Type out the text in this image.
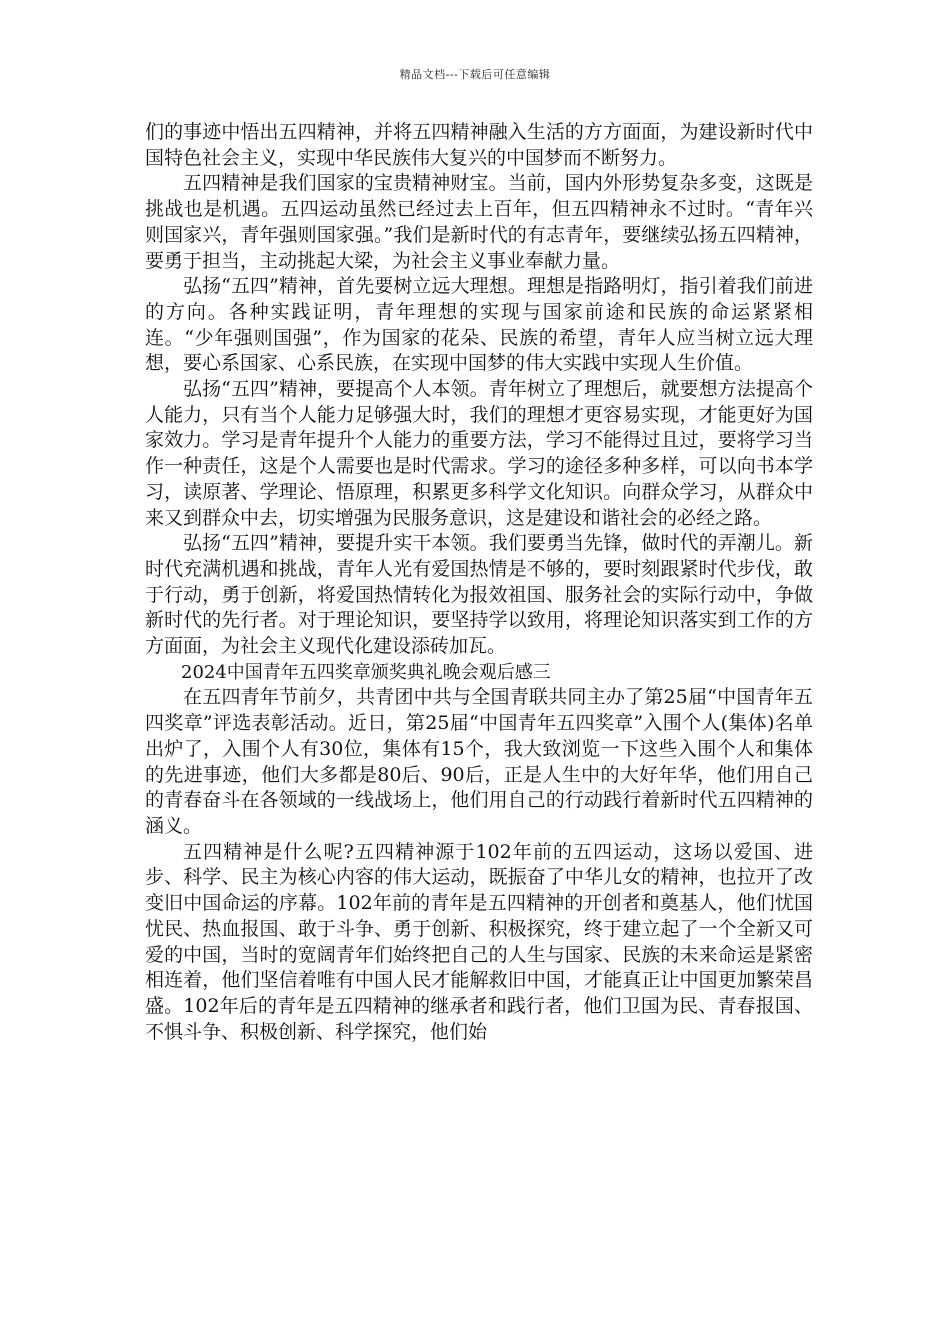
精品文档---下载后可任意编辑

们的事迹中悟出五四精神，并将五四精神融入生活的方方面面，为建设新时代中国特色社会主义，实现中华民族伟大复兴的中国梦而不断努力。

五四精神是我们国家的宝贵精神财宝。当前，国内外形势复杂多变，这既是挑战也是机遇。五四运动虽然已经过去上百年，但五四精神永不过时。“青年兴则国家兴，青年强则国家强。”我们是新时代的有志青年，要继续弘扬五四精神，要勇于担当，主动挑起大梁，为社会主义事业奉献力量。

弘扬“五四”精神，首先要树立远大理想。理想是指路明灯，指引着我们前进的方向。各种实践证明，青年理想的实现与国家前途和民族的命运紧紧相连。“少年强则国强”，作为国家的花朵、民族的希望，青年人应当树立远大理想，要心系国家、心系民族，在实现中国梦的伟大实践中实现人生价值。

弘扬“五四”精神，要提高个人本领。青年树立了理想后，就要想方法提高个人能力，只有当个人能力足够强大时，我们的理想才更容易实现，才能更好为国家效力。学习是青年提升个人能力的重要方法，学习不能得过且过，要将学习当作一种责任，这是个人需要也是时代需求。学习的途径多种多样，可以向书本学习，读原著、学理论、悟原理，积累更多科学文化知识。向群众学习，从群众中来又到群众中去，切实增强为民服务意识，这是建设和谐社会的必经之路。

弘扬“五四”精神，要提升实干本领。我们要勇当先锋，做时代的弄潮儿。新时代充满机遇和挑战，青年人光有爱国热情是不够的，要时刻跟紧时代步伐，敢于行动，勇于创新，将爱国热情转化为报效祖国、服务社会的实际行动中，争做新时代的先行者。对于理论知识，要坚持学以致用，将理论知识落实到工作的方方面面，为社会主义现代化建设添砖加瓦。

2024中国青年五四奖章颁奖典礼晚会观后感三

在五四青年节前夕，共青团中共与全国青联共同主办了第25届“中国青年五四奖章”评选表彰活动。近日，第25届“中国青年五四奖章”入围个人(集体)名单出炉了，入围个人有30位，集体有15个，我大致浏览一下这些入围个人和集体的先进事迹，他们大多都是80后、90后，正是人生中的大好年华，他们用自己的青春奋斗在各领域的一线战场上，他们用自己的行动践行着新时代五四精神的涵义。

五四精神是什么呢?五四精神源于102年前的五四运动，这场以爱国、进步、科学、民主为核心内容的伟大运动，既振奋了中华儿女的精神，也拉开了改变旧中国命运的序幕。102年前的青年是五四精神的开创者和奠基人，他们忧国忧民、热血报国、敢于斗争、勇于创新、积极探究，终于建立起了一个全新又可爱的中国，当时的宽阔青年们始终把自己的人生与国家、民族的未来命运是紧密相连着，他们坚信着唯有中国人民才能解救旧中国，才能真正让中国更加繁荣昌盛。102年后的青年是五四精神的继承者和践行者，他们卫国为民、青春报国、不惧斗争、积极创新、科学探究，他们始
